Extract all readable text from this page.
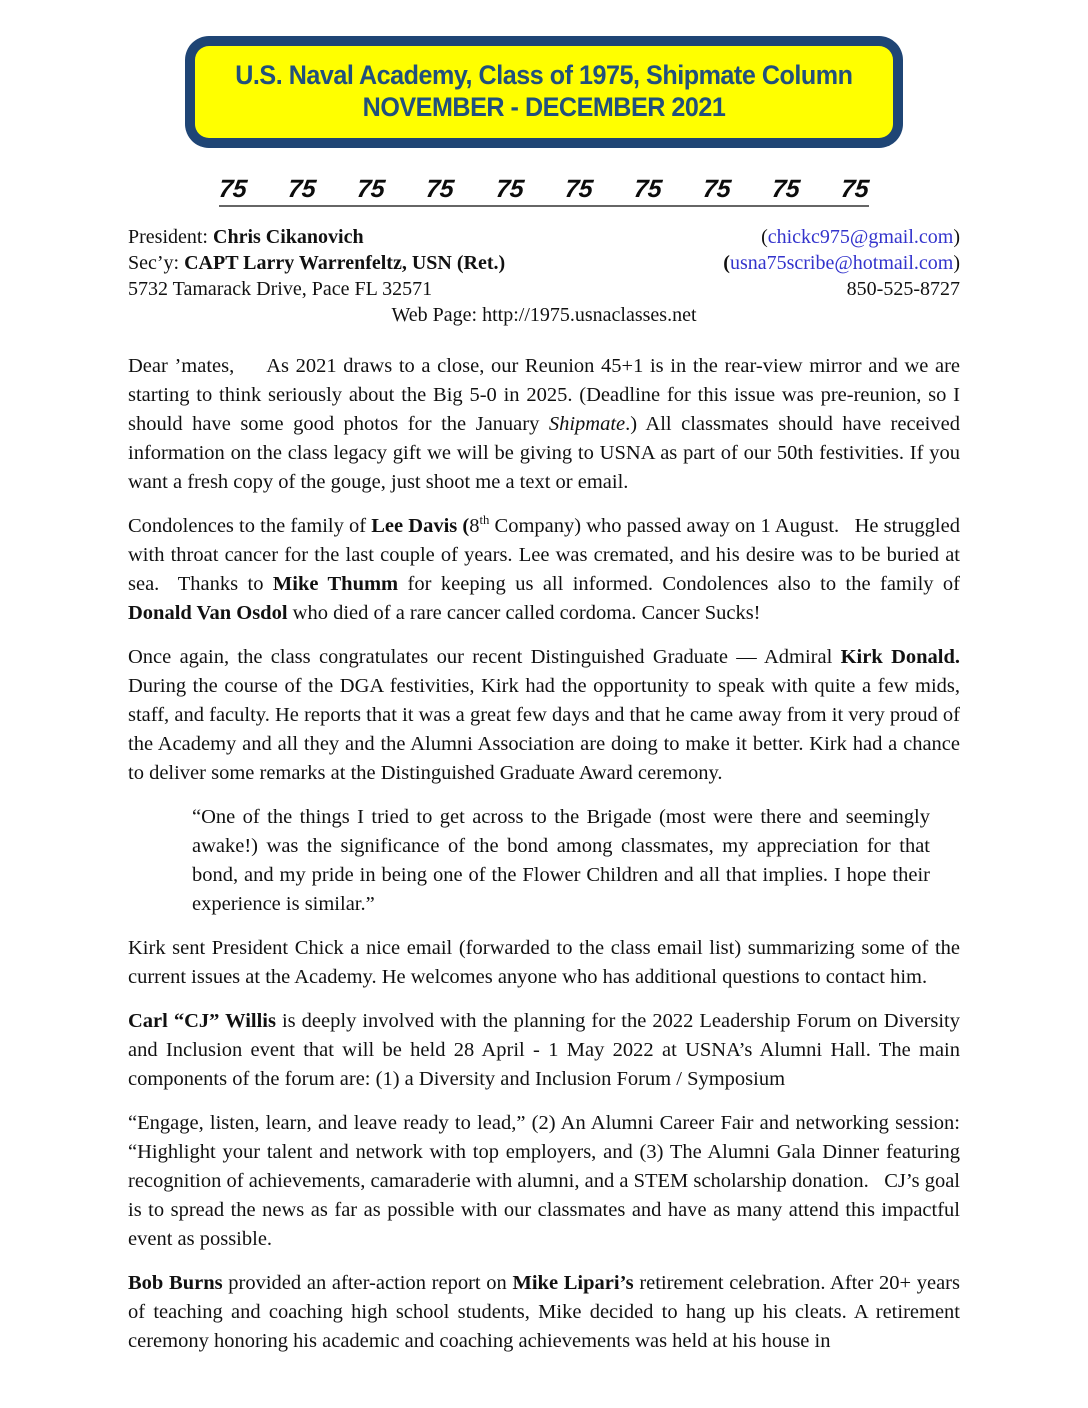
U.S. Naval Academy, Class of 1975, Shipmate Column
NOVEMBER - DECEMBER 2021
75 75 75 75 75 75 75 75 75 75
President: Chris Cikanovich	(chickc975@gmail.com)
Sec’y: CAPT Larry Warrenfeltz, USN (Ret.)	(usna75scribe@hotmail.com)
5732 Tamarack Drive, Pace FL 32571	850-525-8727
Web Page: http://1975.usnaclasses.net

Dear ’mates,     As 2021 draws to a close, our Reunion 45+1 is in the rear-view mirror and we are starting to think seriously about the Big 5-0 in 2025. (Deadline for this issue was pre-reunion, so I should have some good photos for the January Shipmate.) All classmates should have received information on the class legacy gift we will be giving to USNA as part of our 50th festivities. If you want a fresh copy of the gouge, just shoot me a text or email.

Condolences to the family of Lee Davis (8th Company) who passed away on 1 August.   He struggled with throat cancer for the last couple of years. Lee was cremated, and his desire was to be buried at sea.  Thanks to Mike Thumm for keeping us all informed. Condolences also to the family of Donald Van Osdol who died of a rare cancer called cordoma. Cancer Sucks!

Once again, the class congratulates our recent Distinguished Graduate — Admiral Kirk Donald. During the course of the DGA festivities, Kirk had the opportunity to speak with quite a few mids, staff, and faculty. He reports that it was a great few days and that he came away from it very proud of the Academy and all they and the Alumni Association are doing to make it better. Kirk had a chance to deliver some remarks at the Distinguished Graduate Award ceremony.

“One of the things I tried to get across to the Brigade (most were there and seemingly awake!) was the significance of the bond among classmates, my appreciation for that bond, and my pride in being one of the Flower Children and all that implies. I hope their experience is similar.”

Kirk sent President Chick a nice email (forwarded to the class email list) summarizing some of the current issues at the Academy. He welcomes anyone who has additional questions to contact him.

Carl “CJ” Willis is deeply involved with the planning for the 2022 Leadership Forum on Diversity and Inclusion event that will be held 28 April - 1 May 2022 at USNA’s Alumni Hall. The main components of the forum are: (1) a Diversity and Inclusion Forum / Symposium

“Engage, listen, learn, and leave ready to lead,” (2) An Alumni Career Fair and networking session: “Highlight your talent and network with top employers, and (3) The Alumni Gala Dinner featuring recognition of achievements, camaraderie with alumni, and a STEM scholarship donation.   CJ’s goal is to spread the news as far as possible with our classmates and have as many attend this impactful event as possible.

Bob Burns provided an after-action report on Mike Lipari’s retirement celebration. After 20+ years of teaching and coaching high school students, Mike decided to hang up his cleats. A retirement ceremony honoring his academic and coaching achievements was held at his house in
